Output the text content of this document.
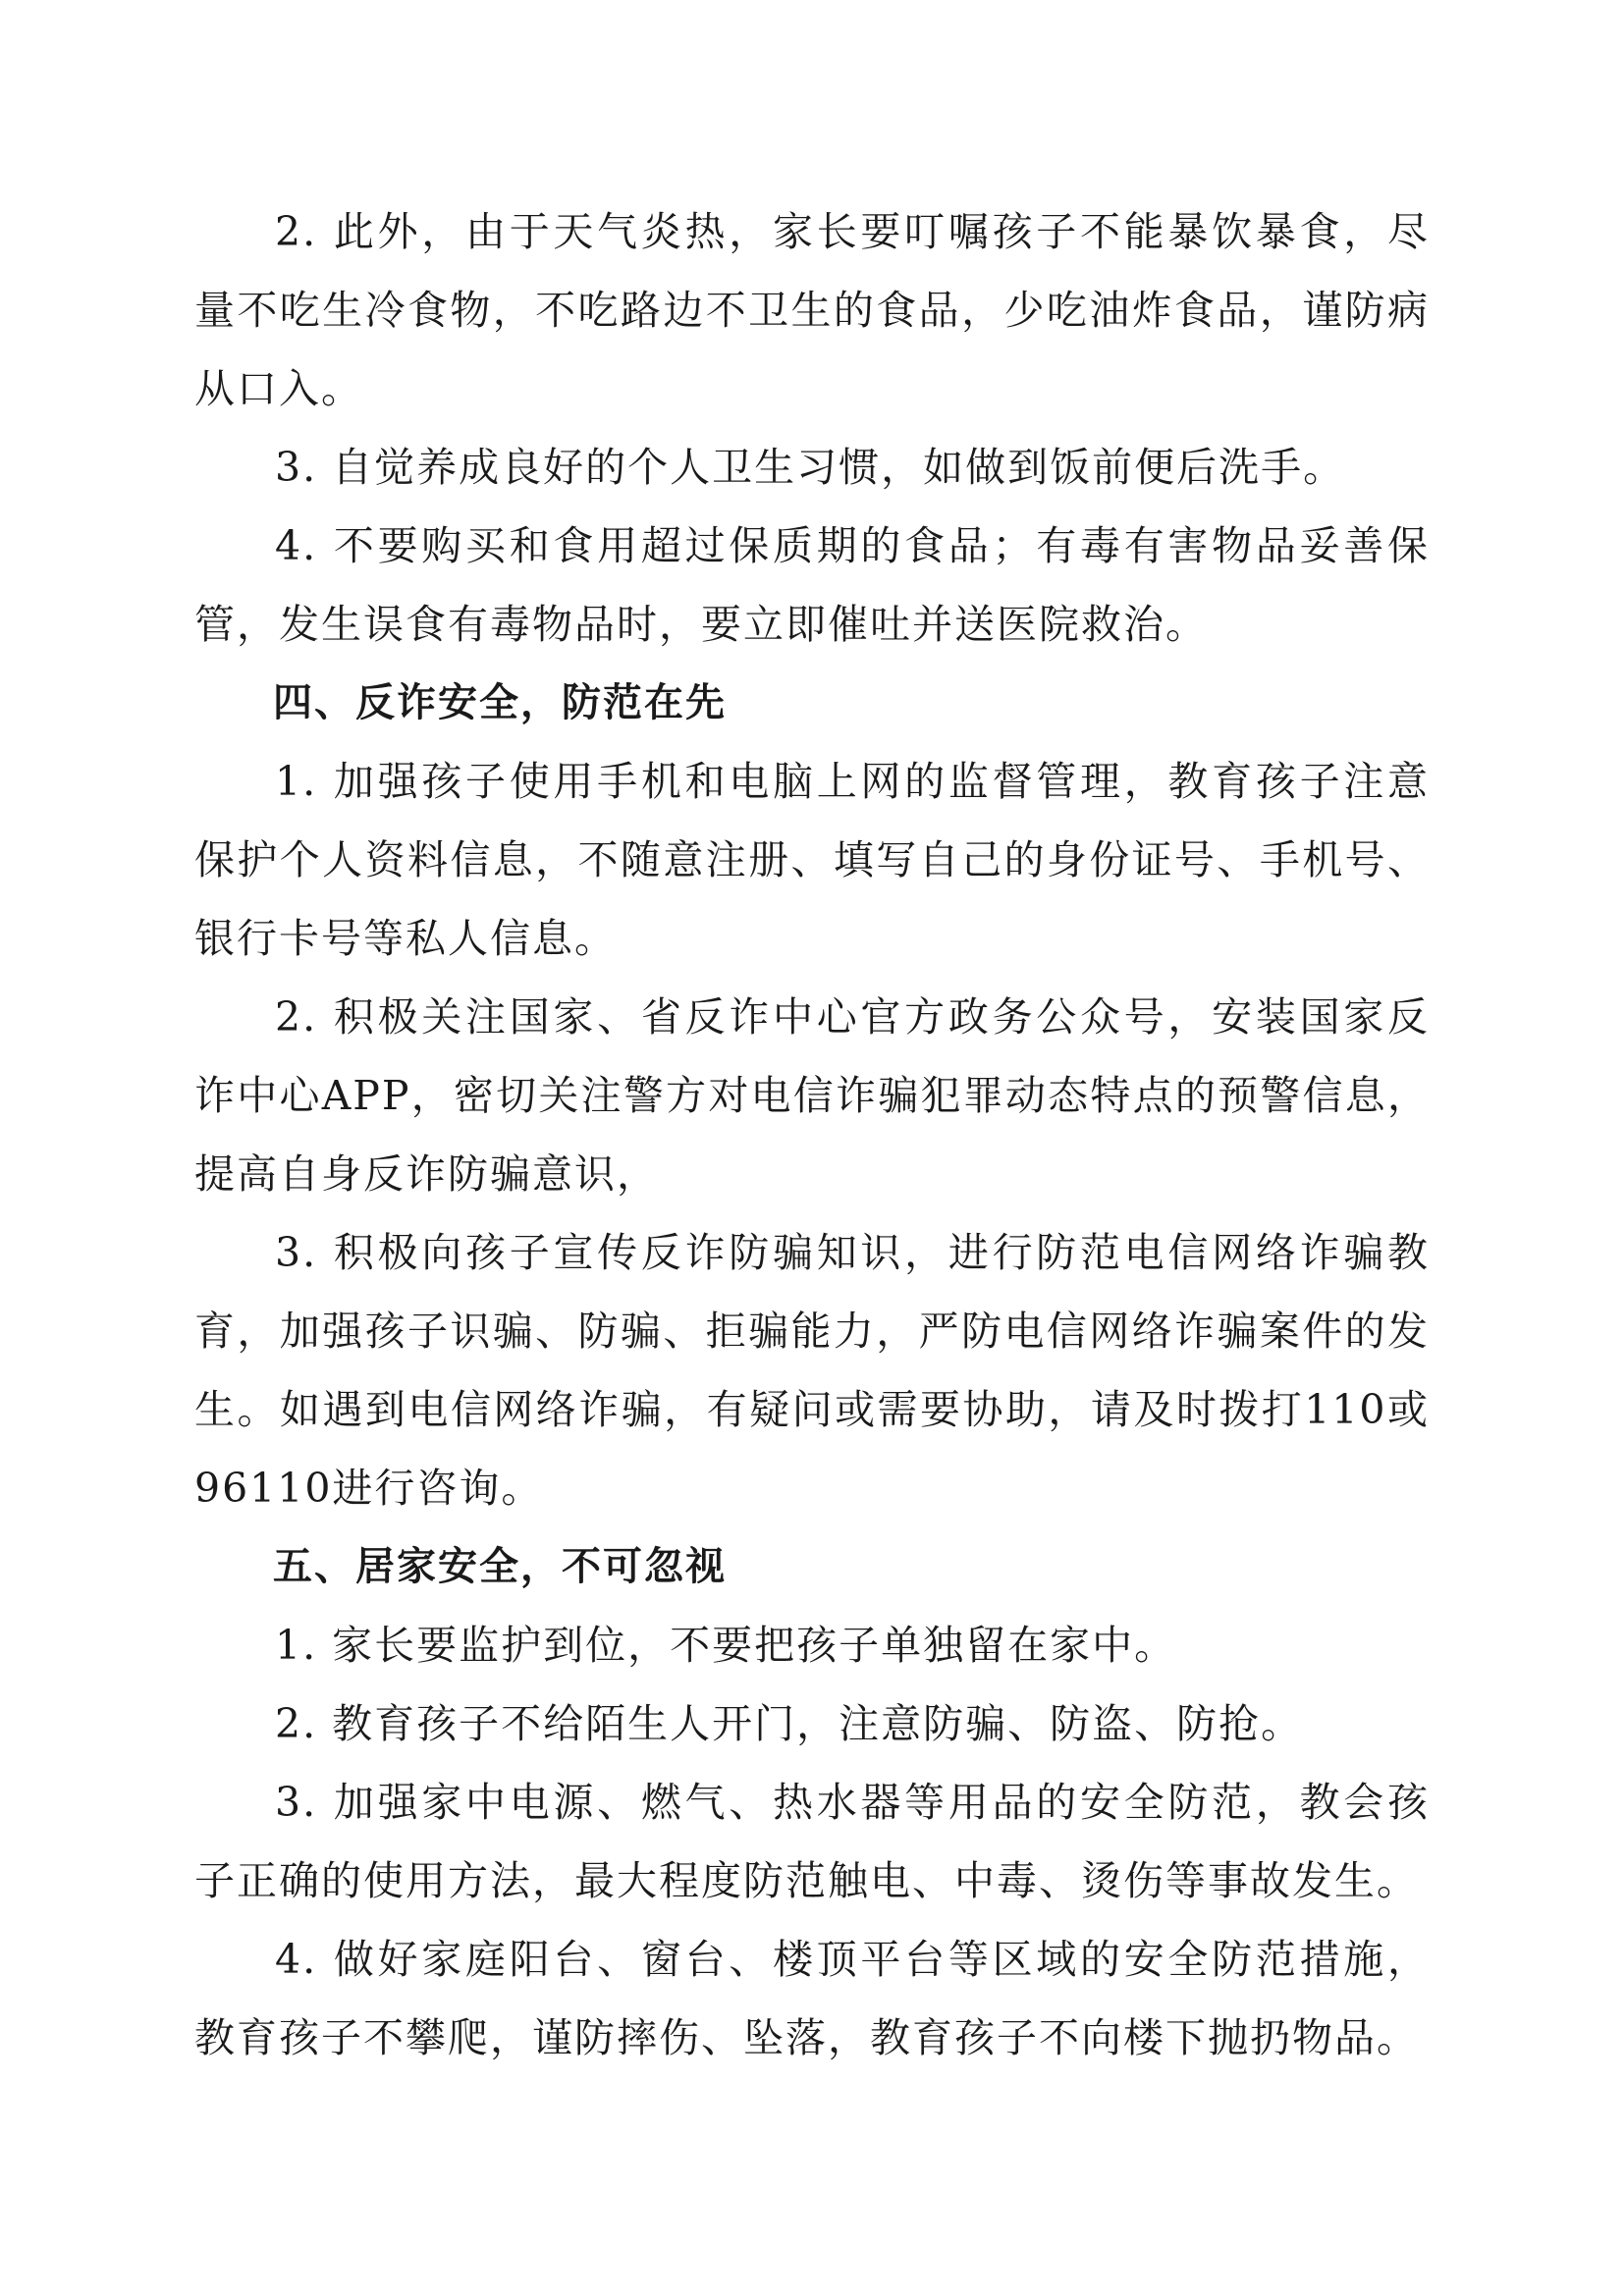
2. 此外，由于天气炎热，家长要叮嘱孩子不能暴饮暴食，尽量不吃生冷食物，不吃路边不卫生的食品，少吃油炸食品，谨防病从口入。

3. 自觉养成良好的个人卫生习惯，如做到饭前便后洗手。

4. 不要购买和食用超过保质期的食品；有毒有害物品妥善保管，发生误食有毒物品时，要立即催吐并送医院救治。

四、反诈安全，防范在先

1. 加强孩子使用手机和电脑上网的监督管理，教育孩子注意保护个人资料信息，不随意注册、填写自己的身份证号、手机号、银行卡号等私人信息。

2. 积极关注国家、省反诈中心官方政务公众号，安装国家反诈中心APP，密切关注警方对电信诈骗犯罪动态特点的预警信息，提高自身反诈防骗意识，

3. 积极向孩子宣传反诈防骗知识，进行防范电信网络诈骗教育，加强孩子识骗、防骗、拒骗能力，严防电信网络诈骗案件的发生。如遇到电信网络诈骗，有疑问或需要协助，请及时拨打110或96110进行咨询。

五、居家安全，不可忽视

1. 家长要监护到位，不要把孩子单独留在家中。

2. 教育孩子不给陌生人开门，注意防骗、防盗、防抢。

3. 加强家中电源、燃气、热水器等用品的安全防范，教会孩子正确的使用方法，最大程度防范触电、中毒、烫伤等事故发生。

4. 做好家庭阳台、窗台、楼顶平台等区域的安全防范措施，教育孩子不攀爬，谨防摔伤、坠落，教育孩子不向楼下抛扔物品。
